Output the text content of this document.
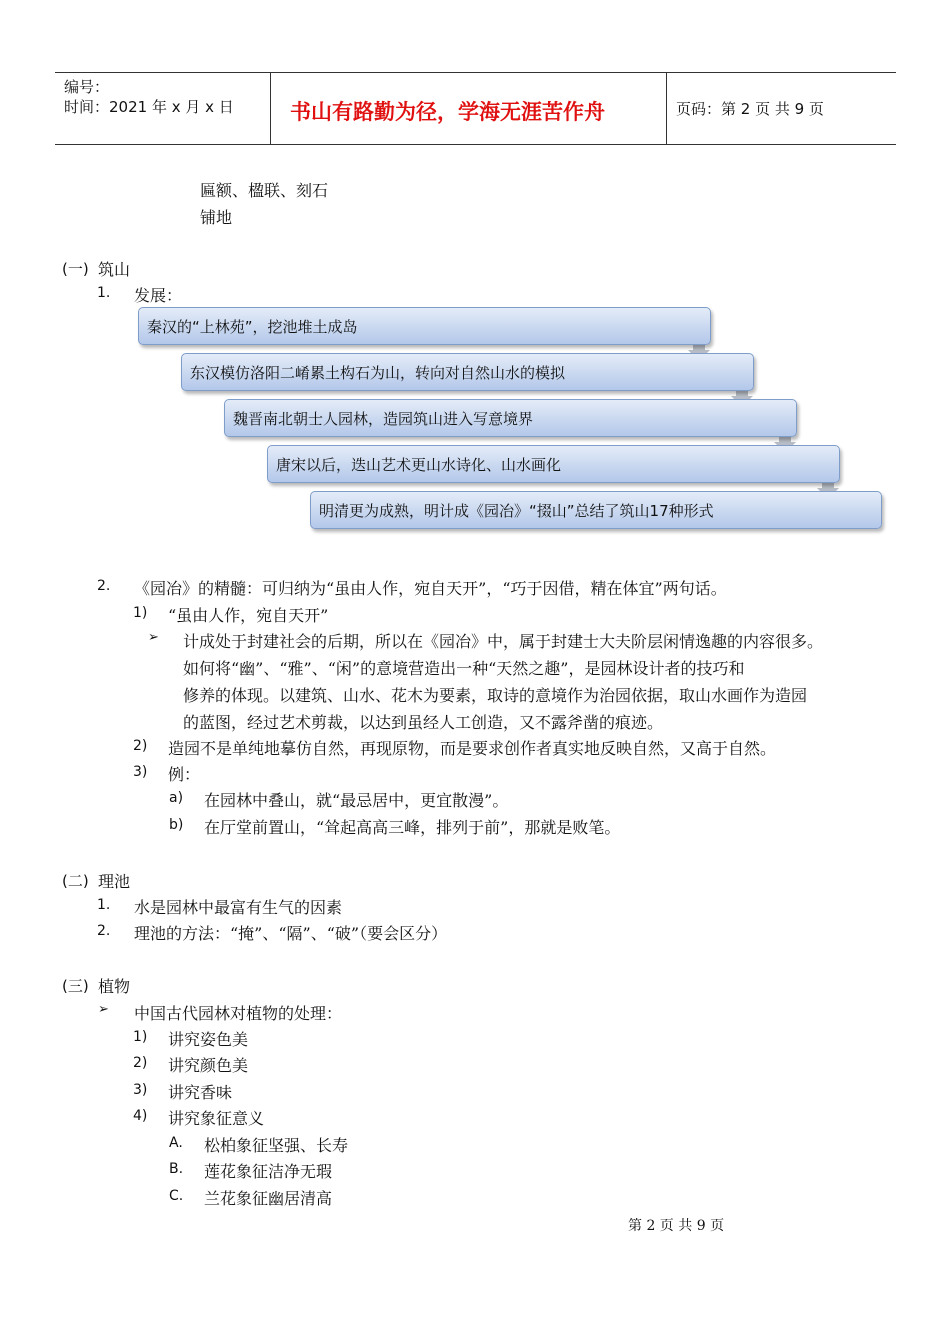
编号：
时间：2021 年 x 月 x 日	书山有路勤为径，学海无涯苦作舟	页码：第 2 页 共 9 页
匾额、楹联、刻石
铺地
(一) 筑山
1. 发展：
秦汉的“上林苑”，挖池堆土成岛
东汉模仿洛阳二崤累土构石为山，转向对自然山水的模拟
魏晋南北朝士人园林，造园筑山进入写意境界
唐宋以后，迭山艺术更山水诗化、山水画化
明清更为成熟，明计成《园冶》“掇山”总结了筑山17种形式
2. 《园冶》的精髓：可归纳为“虽由人作，宛自天开”，“巧于因借，精在体宜”两句话。
1) “虽由人作，宛自天开”
➢ 计成处于封建社会的后期，所以在《园冶》中，属于封建士大夫阶层闲情逸趣的内容很多。
如何将“幽”、“雅”、“闲”的意境营造出一种“天然之趣”，是园林设计者的技巧和
修养的体现。以建筑、山水、花木为要素，取诗的意境作为治园依据，取山水画作为造园
的蓝图，经过艺术剪裁，以达到虽经人工创造，又不露斧凿的痕迹。
2) 造园不是单纯地摹仿自然，再现原物，而是要求创作者真实地反映自然，又高于自然。
3) 例：
a) 在园林中叠山，就“最忌居中，更宜散漫”。
b) 在厅堂前置山，“耸起高高三峰，排列于前”，那就是败笔。
(二) 理池
1. 水是园林中最富有生气的因素
2. 理池的方法：“掩”、“隔”、“破”（要会区分）
(三) 植物
➢ 中国古代园林对植物的处理：
1) 讲究姿色美
2) 讲究颜色美
3) 讲究香味
4) 讲究象征意义
A. 松柏象征坚强、长寿
B. 莲花象征洁净无瑕
C. 兰花象征幽居清高
第 2 页 共 9 页
